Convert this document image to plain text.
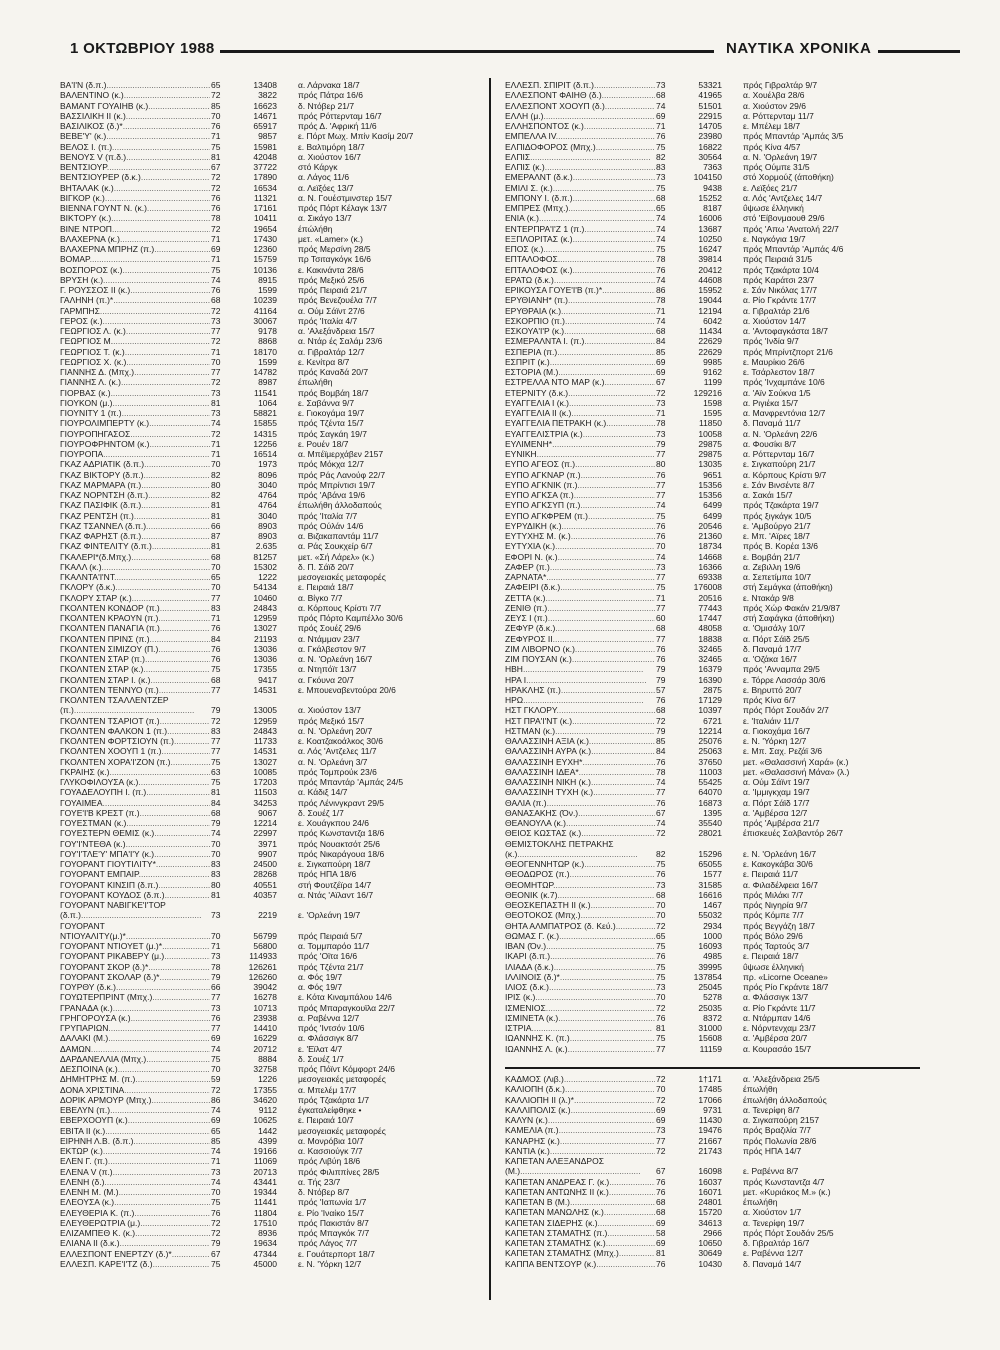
1 ΟΚΤΩΒΡΙΟΥ 1988	ΝΑΥΤΙΚΑ ΧΡΟΝΙΚΑ
ΒΑ'Ι'Ν (δ.π.) .....	65	13408 α. Λάρνακα 18/7
ΒΑΛΕΝΤΙΝΟ (κ.) .....	72	3822 πρός Πάτρα 16/6
ΒΑΜΑΝΤ ΓΟΥΑΙΗΒ (κ.) .....	85	16623 δ. Ντόβερ 21/7
ΒΑΣΣΙΛΙΚΗ II (κ.) .....	70	14671 πρός Ρόττερνταμ 16/7
ΒΑΣΙΛΙΚΟΣ (δ.)* .....	76	65917 πρός Δ. 'Αφρική 11/6
ΒΕΒΕ'Υ' (κ.) .....	71	9857 ε. Πόρτ Μωχ. Μπίν Κασίμ 20/7
ΒΕΛΟΣ Ι. (π.) .....	75	15981 ε. Βαλτιμόρη 18/7
ΒΕΝΟΥΣ V (π.δ.) .....	81	42048 α. Χιούστον 16/7
ΒΕΝΤΣΙΟΥΡ .....	67	37722 στό Κάργκ
ΒΕΝΤΣΙΟΥΡΕΡ (δ.κ.) .....	72	17890 α. Λάγος 11/6
ΒΗΤΑΛΑΚ (κ.) .....	72	16534 α. Λεϊξόες 13/7
ΒΙΓΚΟΡ (κ.) .....	76	11321 α. Ν. Γουέστμινστερ 15/7
ΒΙΕΝΝΑ ΓΟΥΝΤ Ν. (κ.) .....	76	17161 πρός Πόρτ Κέλαγκ 13/7
ΒΙΚΤΟΡΥ (κ.) .....	78	10411 α. Σικάγο 13/7
ΒΙΝΕ ΝΤΡΟΠ .....	72	19654 έπώλήθη
ΒΛΑΧΕΡΝΑ (κ.) .....	71	17430 μετ. «Lamer» (κ.)
ΒΛΑΧΕΡΝΑ ΜΠΡΗΖ (π.) .....	69	12360 πρός Μερσίνη 28/5
ΒΟΜΑΡ .....	71	15759 πρ Τσιταγκόγκ 16/6
ΒΟΣΠΟΡΟΣ (κ.) .....	75	10136 ε. Κακινάντα 28/6
ΒΡΥΣΗ (κ.) .....	74	8915 πρός Μεξικό 25/6
Γ. ΡΟΥΣΣΟΣ II (κ.) .....	76	1599 πρός Πειραιά 21/7
ΓΑΛΗΝΗ (π.)* .....	68	10239 πρός Βενεζουέλα 7/7
ΓΑΡΜΠΗΣ .....	72	41164 α. Ούμ Σάϊντ 27/6
ΓΕΡΟΣ (κ.) .....	73	30067 πρός 'Ιταλία 4/7
ΓΕΩΡΓΙΟΣ Λ. (κ.) .....	77	9178 α. 'Αλεξάνδρεια 15/7
ΓΕΩΡΓΙΟΣ Μ. .....	72	8868 α. Ντάρ ές Σαλάμ 23/6
ΓΕΩΡΓΙΟΣ Τ. (κ.) .....	71	18170 α. Γιβραλτάρ 12/7
ΓΕΩΡΓΙΟΣ Χ. (κ.) .....	70	1599 ε. Κενίτρα 8/7
ΓΙΑΝΝΗΣ Δ. (Μπχ.) .....	77	14782 πρός Καναδά 20/7
ΓΙΑΝΝΗΣ Λ. (κ.) .....	72	8987 έπωλήθη
ΓΙΟΡΒΑΣ (κ.) .....	73	11541 πρός Βομβάη 18/7
ΓΙΟΥΚΟΝ (μ.) .....	81	1064 ε. Σαβάννα 9/7
ΓΙΟΥΝΙΤΥ 1 (π.) .....	73	58821 ε. Γιοκογάμα 19/7
ΓΙΟΥΡΟΛΙΜΠΕΡΤΥ (κ.) .....	74	15855 πρός Τζέντα 15/7
ΓΙΟΥΡΟΠΗΓΑΣΟΣ .....	72	14315 πρός Σαγκάη 19/7
ΓΙΟΥΡΟΦΡΗΝΤΟΜ (κ.) .....	71	12256 ε. Ρουέν 18/7
ΓΙΟΥΡΟΠΑ .....	71	16514 α. Μπέϊμερχάβεν 2157
ΓΚΑΖ ΑΔΡΙΑΤΙΚ (δ.π.) .....	70	1973 πρός Μόκχα 12/7
ΓΚΑΖ ΒΙΚΤΟΡΥ (δ.π.) .....	82	8096 πρός Ράς Λανούφ 22/7
ΓΚΑΖ ΜΑΡΜΑΡΑ (π.) .....	80	3040 πρός Μπρίντισι 19/7
ΓΚΑΖ ΝΟΡΝΤΣΗ (δ.π.) .....	82	4764 πρός 'Αβάνα 19/6
ΓΚΑΖ ΠΑΣΙΦΙΚ (δ.π.) .....	81	4764 έπωλήθη άλλοδαπούς
ΓΚΑΖ ΡΕΝΤΣΗ (π.) .....	81	3040 πρός 'Ιταλία 7/7
ΓΚΑΖ ΤΣΑΝΝΕΛ (δ.π.) .....	66	8903 πρός Ούλάν 14/6
ΓΚΑΖ ΦΑΡΗΣΤ (δ.π.) .....	87	8903 α. Βιζακαπαντάμ 11/7
ΓΚΑΖ ΦΙΝΤΕΛΙΤΥ (δ.π.) .....	81	2.635 α. Ράς Σουκχείρ 6/7
ΓΚΑΛΕΡΙ*(δ.Μπχ.) .....	68	81257 μετ. «Σή Λάρελ» (κ.)
ΓΚΑΛΛ (κ.) .....	70	15302 δ. Π. Σάϊδ 20/7
ΓΚΑΛΝΤΑ'Ι'ΝΤ .....	65	1222 μεσογειακές μεταφορές
ΓΚΛΟΡΥ (δ.κ.) .....	70	54134 ε. Πειραιά 18/7
ΓΚΛΟΡΥ ΣΤΑΡ (κ.) .....	77	10460 α. Βίγκο 7/7
ΓΚΟΛΝΤΕΝ ΚΟΝΔΟΡ (π.) .....	83	24843 α. Κόρπους Κρίστι 7/7
ΓΚΟΛΝΤΕΝ ΚΡΑΟΥΝ (π.) .....	71	12959 πρός Πόρτο Καμπέλλο 30/6
ΓΚΟΛΝΤΕΝ ΠΑΝΑΓΙΑ (π.) .....	76	13027 πρός Σουέζ 29/6
ΓΚΟΛΝΤΕΝ ΠΡΙΝΣ (π.) .....	84	21193 α. Ντάμμαν 23/7
ΓΚΟΛΝΤΕΝ ΣΙΜΙΖΟΥ (Π.) .....	76	13036 α. Γκάλβεστον 9/7
ΓΚΟΛΝΤΕΝ ΣΤΑΡ (π.) .....	76	13036 α. Ν. 'Ορλεάνη 16/7
ΓΚΟΛΝΤΕΝ ΣΤΑΡ (κ.) .....	75	17355 α. Ντηπόϊτ 13/7
ΓΚΟΛΝΤΕΝ ΣΤΑΡ I. (κ.) .....	68	9417 α. Γκόυνα 20/7
ΓΚΟΛΝΤΕΝ ΤΕΝΝΥΟ (π.) .....	77	14531 ε. Μπουεναβεντούρα 20/6
ΓΚΟΛΝΤΕΝ ΤΣΑΛΛΕΝΤΖΕΡ
(π.) .....	79	13005 α. Χιούστον 13/7
ΓΚΟΛΝΤΕΝ ΤΣΑΡΙΟΤ (π.) .....	72	12959 πρός Μεξικό 15/7
ΓΚΟΛΝΤΕΝ ΦΑΛΚΟΝ 1 (π.) .....	83	24843 α. Ν. 'Ορλεάνη 20/7
ΓΚΟΛΝΤΕΝ ΦΟΡΤΣΙΟΥΝ (π.) .....	77	11733 ε. Κοατζακοάλκος 30/6
ΓΚΟΛΝΤΕΝ ΧΟΟΥΠ 1 (π.) .....	77	14531 α. Λός 'Αντζελες 11/7
ΓΚΟΛΝΤΕΝ ΧΟΡΑ'Ι'ΖΟΝ (π.) .....	75	13027 α. Ν. 'Ορλεάνη 3/7
ΓΚΡΑΙΗΣ (κ.) .....	63	10085 πρός Τομπρούκ 23/6
ΓΛΥΚΟΦΙΛΟΥΣΑ (κ.) .....	75	17203 πρός Μπαντάρ 'Αμπάς 24/5
ΓΟΥΑΔΕΛΟΥΠΗ Ι. (π.) .....	81	11503 α. Κάδιξ 14/7
ΓΟΥΑΙΜΕΑ .....	84	34253 πρός Λένινγκραντ 29/5
ΓΟΥΕ'Ι'Β ΚΡΕΣΤ (π.) .....	68	9067 δ. Σουέζ 1/7
ΓΟΥΕΣΤΜΑΝ (κ.) .....	79	12214 ε. Χουάγκπου 24/6
ΓΟΥΕΣΤΕΡΝ ΘΕΜΙΣ (κ.) .....	74	22997 πρός Κωνσταντζα 18/6
ΓΟΥ'Ι'ΝΤΕΘΑ (κ.) .....	70	3971 πρός Νουακτσότ 25/6
ΓΟΥ'Ι'ΤΛΕ'Υ' ΜΠΑ'Ι'Υ (κ.) .....	70	9907 πρός Νικαράγουα 18/6
ΓΟΥΟΡΑΝΤ ΓΙΟΥΤΙΛΙΤΥ* .....	83	24500 ε. Σιγκαπούρη 18/7
ΓΟΥΟΡΑΝΤ ΕΜΠΑΙΡ .....	83	28268 πρός ΗΠΑ 18/6
ΓΟΥΟΡΑΝΤ ΚΙΝΣΙΠ (δ.π.) .....	80	40551 στή Φουτζέϊρα 14/7
ΓΟΥΟΡΑΝΤ ΚΟΥΔΟΣ (δ.π.) .....	81	40357 α. Ντάς 'Αϊλαντ 16/7
ΓΟΥΟΡΑΝΤ ΝΑΒΙΓΚΕ'Ι'ΤΟΡ
(δ.π.) .....	73	2219 ε. 'Ορλεάνη 19/7
ΓΟΥΟΡΑΝΤ
ΝΤΙΟΥΑΛΙΤΥ(μ.)* .....	70	56799 πρός Πειραιά 5/7
ΓΟΥΟΡΑΝΤ ΝΤΙΟΥΕΤ (μ.)* .....	71	56800 α. Τομμπαρόο 11/7
ΓΟΥΟΡΑΝΤ ΡΙΚΑΒΕΡΥ (μ.) .....	73	114933 πρός 'Οϊτα 16/6
ΓΟΥΟΡΑΝΤ ΣΚΟΡ (δ.)* .....	78	126261 πρός Τζέντα 21/7
ΓΟΥΟΡΑΝΤ ΣΚΟΛΑΡ (δ.)* .....	79	126260 α. Φός 19/7
ΓΟΥΡΘΥ (δ.κ.) .....	66	39042 α. Φός 19/7
ΓΟΥΩΤΕΡΠΡΙΝΤ (Μπχ.) .....	77	16278 ε. Κότα Κιναμπάλου 14/6
ΓΡΑΝΑΔΑ (κ.) .....	73	10713 πρός Μπαραγκουϊλα 22/7
ΓΡΗΓΟΡΟΥΣΑ (κ.) .....	76	23938 α. Ραβέννα 12/7
ΓΡΥΠΑΡΙΩΝ .....	77	14410 πρός 'Ιντσόν 10/6
ΔΑΛΑΚΙ (Μ.) .....	69	16229 α. Φλάσσιγκ 8/7
ΔΑΜΩΝ .....	74	20712 ε. 'Εϊλατ 4/7
ΔΑΡΔΑΝΕΛΛΙΑ (Μπχ.) .....	75	8884 δ. Σουέζ 1/7
ΔΕΣΠΟΙΝΑ (κ.) .....	70	32758 πρός Πόϊντ Κόμφορτ 24/6
ΔΗΜΗΤΡΗΣ Μ. (π.) .....	59	1226 μεσογειακές μεταφορές
ΔΟΝΑ ΧΡΙΣΤΙΝΑ .....	72	17355 α. Μπελέμ 17/7
ΔΟΡΙΚ ΑΡΜΟΥΡ (Μπχ.) .....	86	34620 πρός Τζακάρτα 1/7
ΕΒΕΛΥΝ (π.) .....	74	9112 έγκαταλείφθηκε •
ΕΒΕΡΧΟΟΥΠ (κ.) .....	69	10625 ε. Πειραιά 10/7
ΕΒΙΤΑ II (κ.) .....	65	1442 μεσογειακές μεταφορές
ΕΙΡΗΝΗ Λ.Β. (δ.π.) .....	85	4399 α. Μονρόβια 10/7
ΕΚΤΩΡ (κ.) .....	74	19166 α. Κασσιούγκ 7/7
ΕΛΕΝ Γ. (π.) .....	71	11069 πρός Λιβύη 18/6
ΕΛΕΝΑ V (π.) .....	73	20713 πρός Φιλιππίνες 28/5
ΕΛΕΝΗ (δ.) .....	74	43441 α. Τής 23/7
ΕΛΕΝΗ Μ. (Μ.) .....	70	19344 δ. Ντόβερ 8/7
ΕΛΕΟΥΣΑ (κ.) .....	75	11441 πρός 'Ιαπωνία 1/7
ΕΛΕΥΘΕΡΙΑ Κ. (π.) .....	76	11804 ε. Ρίο 'Ιναίκο 15/7
ΕΛΕΥΘΕΡΩΤΡΙΑ (μ.) .....	72	17510 πρός Πακιστάν 8/7
ΕΛΙΖΑΜΠΕΘ Κ. (κ.) .....	72	8936 πρός Μπαγκόκ 7/7
ΕΛΙΑΝΑ II (δ.κ.) .....	79	19634 πρός Λάγος 7/7
ΕΛΛΕΣΠΟΝΤ ΕΝΕΡΤΖΥ (δ.)* .....	67	47344 ε. Γουάτερπορτ 18/7
ΕΛΛΕΣΠ. ΚΑΡΕ'Ι'ΤΖ (δ.) .....	75	45000 ε. Ν. 'Υόρκη 12/7
ΕΛΛΕΣΠ. ΣΠΙΡΙΤ (δ.π.) .....	73	53321 πρός Γιβραλτάρ 9/7
ΕΛΛΕΣΠΟΝΤ ΦΑΙΗΘ (δ.) .....	68	41965 α. Χουέλβα 28/6
ΕΛΛΕΣΠΟΝΤ ΧΟΟΥΠ (δ.) .....	74	51501 α. Χιούστον 29/6
ΕΛΛΗ (μ.) .....	69	22915 α. Ρόττερνταμ 11/7
ΕΛΛΗΣΠΟΝΤΟΣ (κ.) .....	71	14705 ε. Μπέλεμ 18/7
ΕΜΠΕΛΛΑ IV .....	76	23980 πρός Μπαντάρ 'Αμπάς 3/5
ΕΛΠΙΔΟΦΟΡΟΣ (Μπχ.) .....	75	16822 πρός Κίνα 4/57
ΕΛΠΙΣ .....	82	30564 α. Ν. 'Ορλεάνη 19/7
ΕΛΠΙΣ (κ.) .....	83	7363 πρός Ούμπε 31/5
ΕΜΕΡΑΛΝΤ (δ.κ.) .....	73	104150 στό Χορμούζ (άποθήκη)
ΕΜΙΛΙ Σ. (κ.) .....	75	9438 ε. Λεϊξόες 21/7
ΕΜΠΟΝΥ Ι. (δ.π.) .....	68	15252 α. Λός 'Αντζελες 14/7
ΕΜΠΡΕΣ (Μπχ.) .....	65	8187 ΰψωσε έλληνική
ΕΝΙΑ (κ.) .....	74	16006 στό 'Είβονμαουθ 29/6
ΕΝΤΕΡΠΡΑ'Ι'Ζ 1 (π.) .....	74	13687 πρός 'Απω 'Ανατολή 22/7
ΕΞΠΛΟΡΙΤΑΣ (κ.) .....	74	10250 ε. Ναγκόγια 19/7
ΕΠΟΣ (κ.) .....	75	16247 πρός Μπαντάρ 'Αμπάς 4/6
ΕΠΤΑΛΟΦΟΣ .....	78	39814 πρός Πειραιά 31/5
ΕΠΤΑΛΟΦΟΣ (κ.) .....	76	20412 πρός Τζακάρτα 10/4
ΕΡΑΤΩ (δ.κ.) .....	74	44608 πρός Καράτσι 23/7
ΕΡΙΚΟΥΣΑ ΓΟΥΕ'Ι'Β (π.)* .....	86	15952 ε. Σάν Νικόλας 17/7
ΕΡΥΘΙΑΝΗ* (π.) .....	78	19044 α. Ρίο Γκράντε 17/7
ΕΡΥΘΡΑΙΑ (κ.) .....	71	12194 α. Γιβραλτάρ 21/6
ΕΣΚΟΡΠΙΟ (π.) .....	74	6042 α. Χιούστον 14/7
ΕΣΚΟΥΑ'Ι'Ρ (κ.) .....	68	11434 α. 'Αντοφαγκάστα 18/7
ΕΣΜΕΡΑΛΝΤΑ Ι. (π.) .....	84	22629 πρός 'Ινδία 9/7
ΕΣΠΕΡΙΑ (π.) .....	85	22629 πρός Μπρίντζπορτ 21/6
ΕΣΠΡΙΤ (κ.) .....	69	9985 ε. Μαυρίκιο 26/6
ΕΣΤΟΡΙΑ (Μ.) .....	69	9162 ε. Τσάρλεστον 18/7
ΕΣΤΡΕΛΛΑ ΝΤΟ ΜΑΡ (κ.) .....	67	1199 πρός 'Ινχαμπάνε 10/6
ΕΤΕΡΝΙΤΥ (δ.κ.) .....	72	129216 α. 'Αϊν Σούκνα 1/5
ΕΥΑΓΓΕΛΙΑ Ι (κ.) .....	73	1598 α. Ριγιέκα 15/7
ΕΥΑΓΓΕΛΙΑ II (κ.) .....	71	1595 α. Μανφρεντόνια 12/7
ΕΥΑΓΓΕΛΙΑ ΠΕΤΡΑΚΗ (κ.) .....	78	11850 δ. Παναμά 11/7
ΕΥΑΓΓΕΛΙΣΤΡΙΑ (κ.) .....	73	10058 α. Ν. 'Ορλεάνη 22/6
ΕΥΛΙΜΕΝΗ* .....	79	29875 α. Φουσίκι 8/7
ΕΥΝΙΚΗ .....	77	29875 α. Ρόττερνταμ 16/7
ΕΥΠΟ ΑΓΕΟΣ (π.) .....	80	13035 ε. Σιγκαπούρη 21/7
ΕΥΠΟ ΑΓΚΝΑΡ (π.) .....	76	9651 α. Κόρπους Κρίστι 9/7
ΕΥΠΟ ΑΓΚΝΙΚ (π.) .....	77	15356 ε. Σάν Βινσέντε 8/7
ΕΥΠΟ ΑΓΚΣΑ (π.) .....	77	15356 α. Σακάι 15/7
ΕΥΠΟ ΑΓΚΣΥΠ (π.) .....	74	6499 πρός Τζακάρτα 19/7
ΕΥΠΟ ΑΓΚΦΡΕΜ (π.) .....	75	6499 πρός ξιγκάγκ 10/5
ΕΥΡΥΔΙΚΗ (κ.) .....	76	20546 ε. 'Αμβούργο 21/7
ΕΥΤΥΧΗΣ Μ. (κ.) .....	76	21360 ε. Μπ. 'Αϊρες 18/7
ΕΥΤΥΧΙΑ (κ.) .....	70	18734 πρός Β. Κορέα 13/6
ΕΦΟΡΙ Ν. (κ.) .....	74	14668 ε. Βομβάη 21/7
ΖΑΦΕΡ (π.) .....	73	16366 α. Ζεβιλλη 19/6
ΖΑΡΝΑΤΑ* .....	77	69338 α. Σεπετίμπα 10/7
ΖΑΦΕΙΡΙ (δ.κ.) .....	75	176008 στή Σεμάγκα (άποθήκη)
ΖΕΤΤΑ (κ.) .....	71	20516 ε. Ντακάρ 9/8
ΖΕΝΙΘ (π.) .....	77	77443 πρός Χώρ Φακάν 21/9/87
ΖΕΥΣ Ι (π.) .....	60	17447 στή Σαφάγκα (άποθήκη)
ΖΕΦΥΡ (δ.κ.) .....	68	48058 α. 'Ομισάλγ 10/7
ΖΕΦΥΡΟΣ II .....	77	18838 α. Πόρτ Σάϊδ 25/5
ΖΙΜ ΛΙΒΟΡΝΟ (κ.) .....	76	32465 δ. Παναμά 17/7
ΖΙΜ ΠΟΥΣΑΝ (κ.) .....	76	32465 α. 'Οζάκα 16/7
ΗΒΗ .....	79	16379 πρός 'Ανναμπα 29/5
ΗΡΑ Ι .....	79	16390 ε. Τόρρε Λασσάρ 30/6
ΗΡΑΚΛΗΣ (π.) .....	57	2875 ε. Βηρυττό 20/7
ΗΡΩ .....	76	17129 πρός Κίνα 6/7
ΗΣΤ ΓΚΛΟΡΥ .....	68	10397 πρός Πόρτ Σουδάν 2/7
ΗΣΤ ΠΡΑ'Ι'ΝΤ (κ.) .....	72	6721 ε. 'Ιταλιάιν 11/7
ΗΣΤΜΑΝ (κ.) .....	79	12214 α. Γιοκοχάμα 16/7
ΘΑΛΑΣΣΙΝΗ ΑΞΙΑ (κ.) .....	85	25076 ε. Ν. 'Υόρκη 12/7
ΘΑΛΑΣΣΙΝΗ ΑΥΡΑ (κ.) .....	84	25063 ε. Μπ. Σαχ. Ρεζάϊ 3/6
ΘΑΛΑΣΣΙΝΗ ΕΥΧΗ* .....	76	37650 μετ. «Θαλασσινή Χαρά» (κ.)
ΘΑΛΑΣΣΙΝΗ ΙΔΕΑ* .....	78	11003 μετ. «Θαλασσινή Μάνα» (λ.)
ΘΑΛΑΣΣΙΝΗ ΝΙΚΗ (κ.) .....	74	55425 α. Ούμ Σάϊντ 19/7
ΘΑΛΑΣΣΙΝΗ ΤΥΧΗ (κ.) .....	77	64070 α. 'Ιμμιγκχαμ 19/7
ΘΑΛΙΑ (π.) .....	76	16873 α. Πόρτ Σάϊδ 17/7
ΘΑΝΑΣΑΚΗΣ (Όν.) .....	67	1395 α. 'Αμβέρσα 12/7
ΘΕΑΝΟΥΛΑ (κ.) .....	74	35540 πρός 'Αμβέρσα 21/7
ΘΕΙΟΣ ΚΩΣΤΑΣ (κ.) .....	72	28021 έπισκευές Σαλβαντόρ 26/7
ΘΕΜΙΣΤΟΚΛΗΣ ΠΕΤΡΑΚΗΣ
(κ.) .....	82	15296 ε. Ν. 'Ορλεάνη 16/7
ΘΕΟΓΕΝΝΗΤΩΡ (κ.) .....	75	65055 ε. Κακογκάβα 30/6
ΘΕΟΔΩΡΟΣ (π.) .....	76	1577 ε. Πειραιά 11/7
ΘΕΟΜΗΤΩΡ .....	73	31585 α. Φιλαδέλφεια 16/7
ΘΕΟΝΙΚ (κ.7) .....	68	16616 πρός Μιλάκι 7/7
ΘΕΟΣΚΕΠΑΣΤΗ II (κ.) .....	70	1467 πρός Νιγηρία 9/7
ΘΕΟΤΟΚΟΣ (Μπχ.) .....	70	55032 πρός Κόμπε 7/7
ΘΗΤΑ ΑΛΜΠΑΤΡΟΣ (δ. Κεύ.) .....	72	2934 πρός Βεγγάζη 18/7
ΘΩΜΑΣ Γ. (κ.) .....	65	1000 πρός Βόλο 29/6
ΙΒΑΝ (Όν.) .....	75	16093 πρός Ταρτούς 3/7
ΙΚΑΡΙ (δ.π.) .....	76	4985 ε. Πειραιά 18/7
ΙΛΙΑΔΑ (δ.κ.) .....	75	39995 ΰψωσε έλληνική
ΙΛΛΙΝΟΙΣ (δ.)* .....	75	137854 πρ. «Licorne Oceane»
ΙΛΙΟΣ (δ.κ.) .....	73	25045 πρός Ρίο Γκράντε 18/7
ΙΡΙΣ (κ.) .....	70	5278 α. Φλάσσιγκ 13/7
ΙΣΜΕΝΙΟΣ .....	72	25035 α. Ρίο Γκράντε 11/7
ΙΣΜΙΝΕΤΑ (κ.) .....	76	8372 α. Ντάρμπαν 14/6
ΙΣΤΡΙΑ .....	81	31000 ε. Νόρντενχαμ 23/7
ΙΩΑΝΝΗΣ Κ. (π.) .....	75	15608 α. 'Αμβέρσα 20/7
ΙΩΑΝΝΗΣ Λ. (κ.) .....	77	11159 α. Κουρασάο 15/7
ΚΑΔΜΟΣ (Λιβ.) .....	72	1†171 α. 'Αλεξάνδρεια 25/5
ΚΑΛΙΟΠΗ (δ.κ.) .....	70	17485 έπωλήθη
ΚΑΛΛΙΟΠΗ II (λ.)* .....	72	17066 έπωλήθη άλλοδαπούς
ΚΑΛΛΙΠΟΛΙΣ (κ.) .....	69	9731 α. Τενερίφη 8/7
ΚΑΛΥΝ (κ.) .....	69	11430 α. Σιγκαπούρη 2157
ΚΑΜΕΛΙΑ (π.) .....	73	19476 πρός Βραζιλία 7/7
ΚΑΝΑΡΗΣ (κ.) .....	77	21667 πρός Πολωνία 28/6
ΚΑΝΤΙΑ (κ.) .....	72	21743 πρός ΗΠΑ 14/7
ΚΑΠΕΤΑΝ ΑΛΕΞΑΝΔΡΟΣ
(Μ.) .....	67	16098 ε. Ραβέννα 8/7
ΚΑΠΕΤΑΝ ΑΝΔΡΕΑΣ Γ. (κ.) .....	76	16037 πρός Κωνσταντζα 4/7
ΚΑΠΕΤΑΝ ΑΝΤΩΝΗΣ II (κ.) .....	76	16071 μετ. «Κυριάκος Μ.» (κ.)
ΚΑΠΕΤΑΝ Β (Μ.) .....	68	24801 έπωλήθη
ΚΑΠΕΤΑΝ ΜΑΝΩΛΗΣ (κ.) .....	68	15720 α. Χιούστον 1/7
ΚΑΠΕΤΑΝ ΣΙΔΕΡΗΣ (κ.) .....	69	34613 α. Τενερίφη 19/7
ΚΑΠΕΤΑΝ ΣΤΑΜΑΤΗΣ (π.) .....	58	2966 πρός Πόρτ Σουδάν 25/5
ΚΑΠΕΤΑΝ ΣΤΑΜΑΤΗΣ (κ.) .....	69	10650 δ. Γιβραλτάρ 16/7
ΚΑΠΕΤΑΝ ΣΤΑΜΑΤΗΣ (Μπχ.) .....	81	30649 ε. Ραβέννα 12/7
ΚΑΠΠΑ ΒΕΝΤΣΟΥΡ (κ.) .....	76	10430 δ. Παναμά 14/7
